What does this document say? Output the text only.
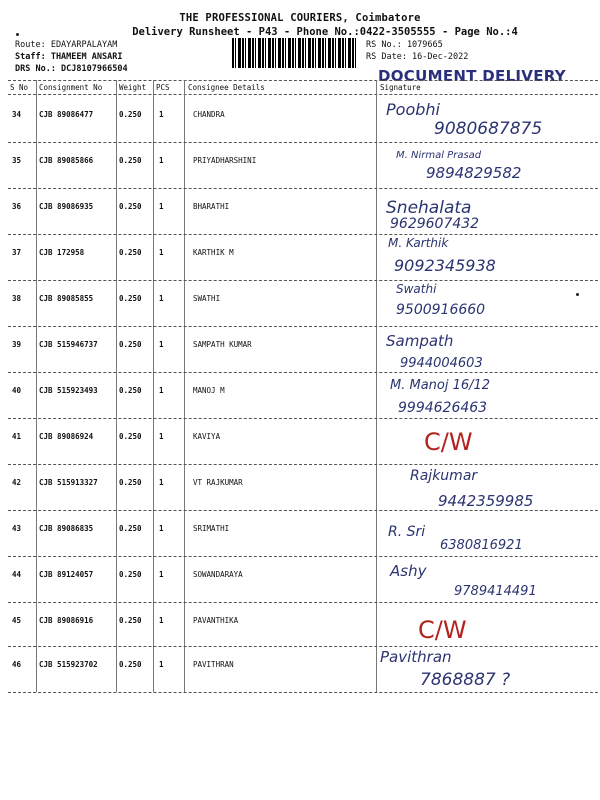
THE PROFESSIONAL COURIERS, Coimbatore
Delivery Runsheet - P43 - Phone No.:0422-3505555 - Page No.:4
Route: EDAYARPALAYAM
Staff: THAMEEM ANSARI
DRS No.: DCJ8107966504
RS No.: 1079665
RS Date: 16-Dec-2022
DOCUMENT DELIVERY
S No Consignment No Weight PCS Consignee Details	Signature
34 CJB 89086477	0.250 1	CHANDRA	Poobhi
9080687875
35 CJB 89085866	0.250 1	PRIYADHARSHINI	M. Nirmal Prasad
9894829582
36 CJB 89086935	0.250 1	BHARATHI	Snehalata
9629607432
37 CJB 172958	0.250 1	KARTHIK M
M. Karthik
9092345938
38 CJB 89085855	0.250 1	SWATHI
Swathi
9500916660
39 CJB 515946737	0.250 1	SAMPATH KUMAR	Sampath
9944004603
40 CJB 515923493	0.250 1	MANOJ M	M. Manoj 16/12
9994626463
41 CJB 89086924	0.250 1	KAVIYA	C/W
42 CJB 515913327	0.250 1	VT RAJKUMAR	Rajkumar
9442359985
43 CJB 89086835	0.250 1	SRIMATHI	R. Sri
6380816921
44 CJB 89124057	0.250 1	SOWANDARAYA	Ashy
9789414491
45 CJB 89086916	0.250 1	PAVANTHIKA	C/W
46 CJB 515923702	0.250 1	PAVITHRAN	Pavithran
7868887 ?
